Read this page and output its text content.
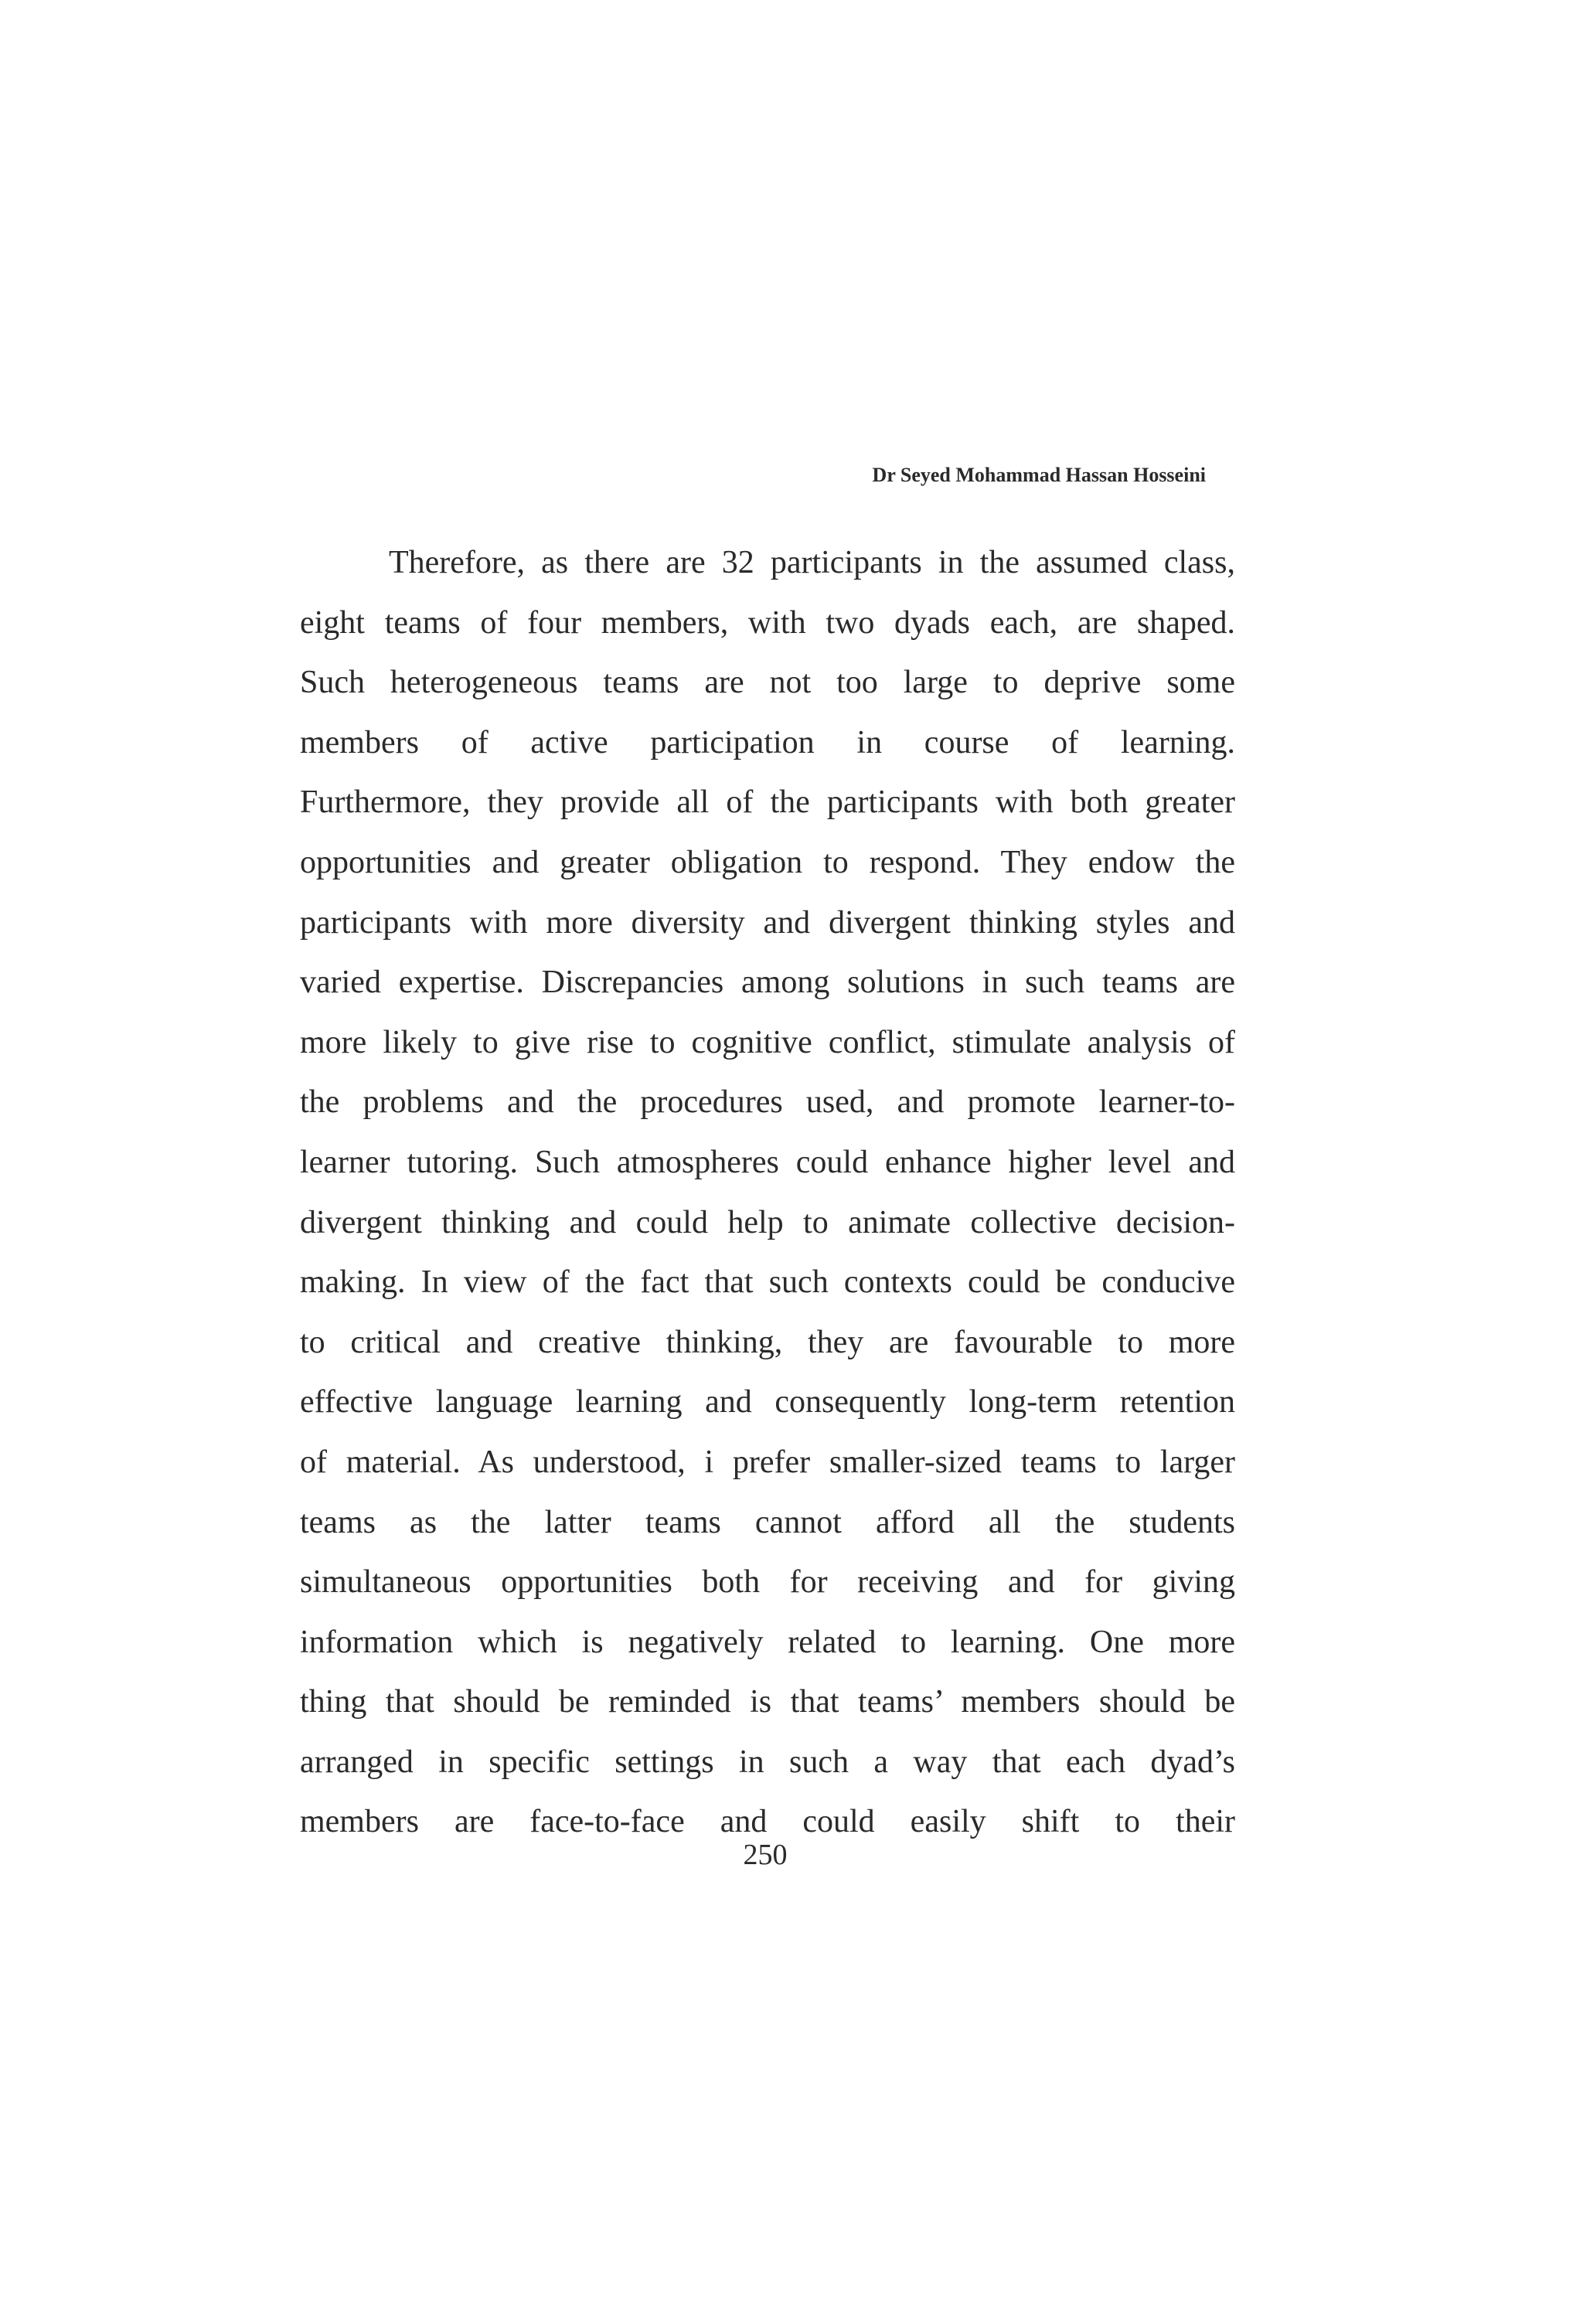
Dr Seyed Mohammad Hassan Hosseini
Therefore, as there are 32 participants in the assumed class,
eight teams of four members, with two dyads each, are shaped.
Such heterogeneous teams are not too large to deprive some
members of active participation in course of learning.
Furthermore, they provide all of the participants with both greater
opportunities and greater obligation to respond. They endow the
participants with more diversity and divergent thinking styles and
varied expertise. Discrepancies among solutions in such teams are
more likely to give rise to cognitive conflict, stimulate analysis of
the problems and the procedures used, and promote learner-to-
learner tutoring. Such atmospheres could enhance higher level and
divergent thinking and could help to animate collective decision-
making. In view of the fact that such contexts could be conducive
to critical and creative thinking, they are favourable to more
effective language learning and consequently long-term retention
of material. As understood, i prefer smaller-sized teams to larger
teams as the latter teams cannot afford all the students
simultaneous opportunities both for receiving and for giving
information which is negatively related to learning. One more
thing that should be reminded is that teams’ members should be
arranged in specific settings in such a way that each dyad’s
members are face-to-face and could easily shift to their
250
